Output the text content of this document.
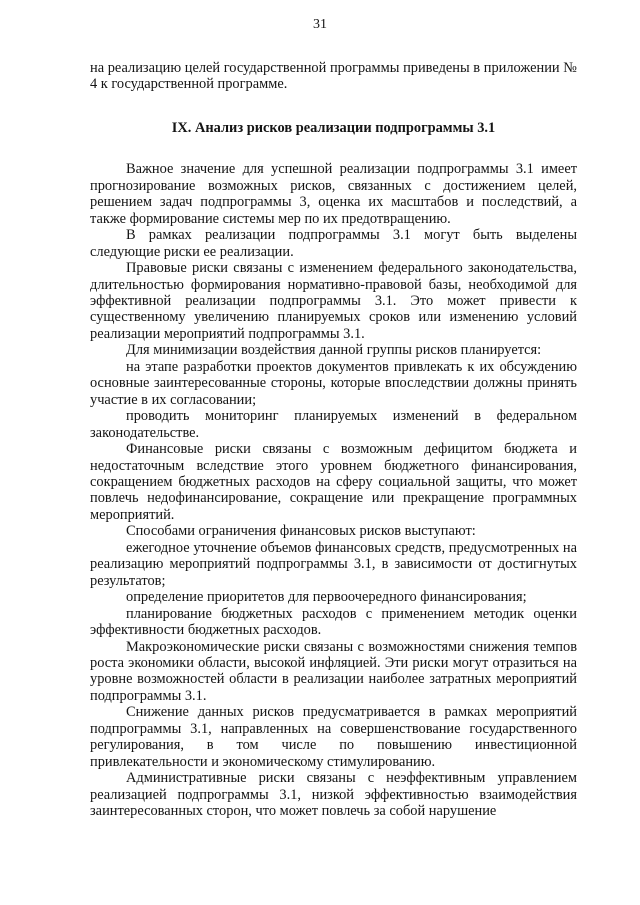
31

на реализацию целей государственной программы приведены в приложении № 4 к государственной программе.

IX. Анализ рисков реализации подпрограммы 3.1

Важное значение для успешной реализации подпрограммы 3.1 имеет прогнозирование возможных рисков, связанных с достижением целей, решением задач подпрограммы 3, оценка их масштабов и последствий, а также формирование системы мер по их предотвращению.

В рамках реализации подпрограммы 3.1 могут быть выделены следующие риски ее реализации.

Правовые риски связаны с изменением федерального законодательства, длительностью формирования нормативно-правовой базы, необходимой для эффективной реализации подпрограммы 3.1. Это может привести к существенному увеличению планируемых сроков или изменению условий реализации мероприятий подпрограммы 3.1.

Для минимизации воздействия данной группы рисков планируется:

на этапе разработки проектов документов привлекать к их обсуждению основные заинтересованные стороны, которые впоследствии должны принять участие в их согласовании;

проводить мониторинг планируемых изменений в федеральном законодательстве.

Финансовые риски связаны с возможным дефицитом бюджета и недостаточным вследствие этого уровнем бюджетного финансирования, сокращением бюджетных расходов на сферу социальной защиты, что может повлечь недофинансирование, сокращение или прекращение программных мероприятий.

Способами ограничения финансовых рисков выступают:

ежегодное уточнение объемов финансовых средств, предусмотренных на реализацию мероприятий подпрограммы 3.1, в зависимости от достигнутых результатов;

определение приоритетов для первоочередного финансирования;

планирование бюджетных расходов с применением методик оценки эффективности бюджетных расходов.

Макроэкономические риски связаны с возможностями снижения темпов роста экономики области, высокой инфляцией. Эти риски могут отразиться на уровне возможностей области в реализации наиболее затратных мероприятий подпрограммы 3.1.

Снижение данных рисков предусматривается в рамках мероприятий подпрограммы 3.1, направленных на совершенствование государственного регулирования, в том числе по повышению инвестиционной привлекательности и экономическому стимулированию.

Административные риски связаны с неэффективным управлением реализацией подпрограммы 3.1, низкой эффективностью взаимодействия заинтересованных сторон, что может повлечь за собой нарушение
